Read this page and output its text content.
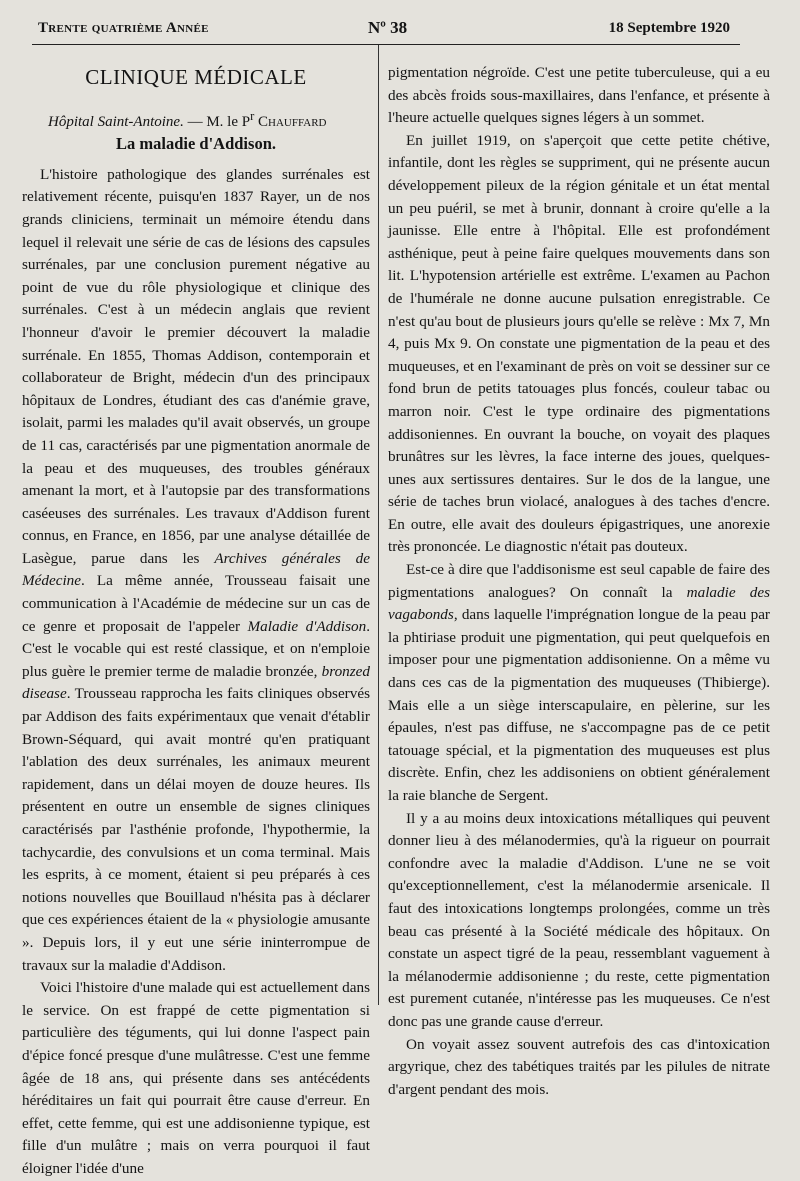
Trente quatrième Année	Nº 38	18 Septembre 1920
CLINIQUE MÉDICALE

Hôpital Saint-Antoine. — M. le $P^r$ Chauffard

La maladie d'Addison.

L'histoire pathologique des glandes surrénales est relativement récente, puisqu'en 1837 Rayer, un de nos grands cliniciens, terminait un mémoire étendu dans lequel il relevait une série de cas de lésions des capsules surrénales, par une conclusion purement négative au point de vue du rôle physiologique et clinique des surrénales. C'est à un médecin anglais que revient l'honneur d'avoir le premier découvert la maladie surrénale. En 1855, Thomas Addison, contemporain et collaborateur de Bright, médecin d'un des principaux hôpitaux de Londres, étudiant des cas d'anémie grave, isolait, parmi les malades qu'il avait observés, un groupe de 11 cas, caractérisés par une pigmentation anormale de la peau et des muqueuses, des troubles généraux amenant la mort, et à l'autopsie par des transformations caséeuses des surrénales. Les travaux d'Addison furent connus, en France, en 1856, par une analyse détaillée de Lasègue, parue dans les Archives générales de Médecine. La même année, Trousseau faisait une communication à l'Académie de médecine sur un cas de ce genre et proposait de l'appeler Maladie d'Addison. C'est le vocable qui est resté classique, et on n'emploie plus guère le premier terme de maladie bronzée, bronzed disease. Trousseau rapprocha les faits cliniques observés par Addison des faits expérimentaux que venait d'établir Brown-Séquard, qui avait montré qu'en pratiquant l'ablation des deux surrénales, les animaux meurent rapidement, dans un délai moyen de douze heures. Ils présentent en outre un ensemble de signes cliniques caractérisés par l'asthénie profonde, l'hypothermie, la tachycardie, des convulsions et un coma terminal. Mais les esprits, à ce moment, étaient si peu préparés à ces notions nouvelles que Bouillaud n'hésita pas à déclarer que ces expériences étaient de la « physiologie amusante ». Depuis lors, il y eut une série ininterrompue de travaux sur la maladie d'Addison.

Voici l'histoire d'une malade qui est actuellement dans le service. On est frappé de cette pigmentation si particulière des téguments, qui lui donne l'aspect pain d'épice foncé presque d'une mulâtresse. C'est une femme âgée de 18 ans, qui présente dans ses antécédents héréditaires un fait qui pourrait être cause d'erreur. En effet, cette femme, qui est une addisonienne typique, est fille d'un mulâtre ; mais on verra pourquoi il faut éloigner l'idée d'une

pigmentation négroïde. C'est une petite tuberculeuse, qui a eu des abcès froids sous-maxillaires, dans l'enfance, et présente à l'heure actuelle quelques signes légers à un sommet.

En juillet 1919, on s'aperçoit que cette petite chétive, infantile, dont les règles se suppriment, qui ne présente aucun développement pileux de la région génitale et un état mental un peu puéril, se met à brunir, donnant à croire qu'elle a la jaunisse. Elle entre à l'hôpital. Elle est profondément asthénique, peut à peine faire quelques mouvements dans son lit. L'hypotension artérielle est extrême. L'examen au Pachon de l'humérale ne donne aucune pulsation enregistrable. Ce n'est qu'au bout de plusieurs jours qu'elle se relève : Mx 7, Mn 4, puis Mx 9. On constate une pigmentation de la peau et des muqueuses, et en l'examinant de près on voit se dessiner sur ce fond brun de petits tatouages plus foncés, couleur tabac ou marron noir. C'est le type ordinaire des pigmentations addisoniennes. En ouvrant la bouche, on voyait des plaques brunâtres sur les lèvres, la face interne des joues, quelques-unes aux sertissures dentaires. Sur le dos de la langue, une série de taches brun violacé, analogues à des taches d'encre. En outre, elle avait des douleurs épigastriques, une anorexie très prononcée. Le diagnostic n'était pas douteux.

Est-ce à dire que l'addisonisme est seul capable de faire des pigmentations analogues? On connaît la maladie des vagabonds, dans laquelle l'imprégnation longue de la peau par la phtiriase produit une pigmentation, qui peut quelquefois en imposer pour une pigmentation addisonienne. On a même vu dans ces cas de la pigmentation des muqueuses (Thibierge). Mais elle a un siège interscapulaire, en pèlerine, sur les épaules, n'est pas diffuse, ne s'accompagne pas de ce petit tatouage spécial, et la pigmentation des muqueuses est plus discrète. Enfin, chez les addisoniens on obtient généralement la raie blanche de Sergent.

Il y a au moins deux intoxications métalliques qui peuvent donner lieu à des mélanodermies, qu'à la rigueur on pourrait confondre avec la maladie d'Addison. L'une ne se voit qu'exceptionnellement, c'est la mélanodermie arsenicale. Il faut des intoxications longtemps prolongées, comme un très beau cas présenté à la Société médicale des hôpitaux. On constate un aspect tigré de la peau, ressemblant vaguement à la mélanodermie addisonienne ; du reste, cette pigmentation est purement cutanée, n'intéresse pas les muqueuses. Ce n'est donc pas une grande cause d'erreur.

On voyait assez souvent autrefois des cas d'intoxication argyrique, chez des tabétiques traités par les pilules de nitrate d'argent pendant des mois.
